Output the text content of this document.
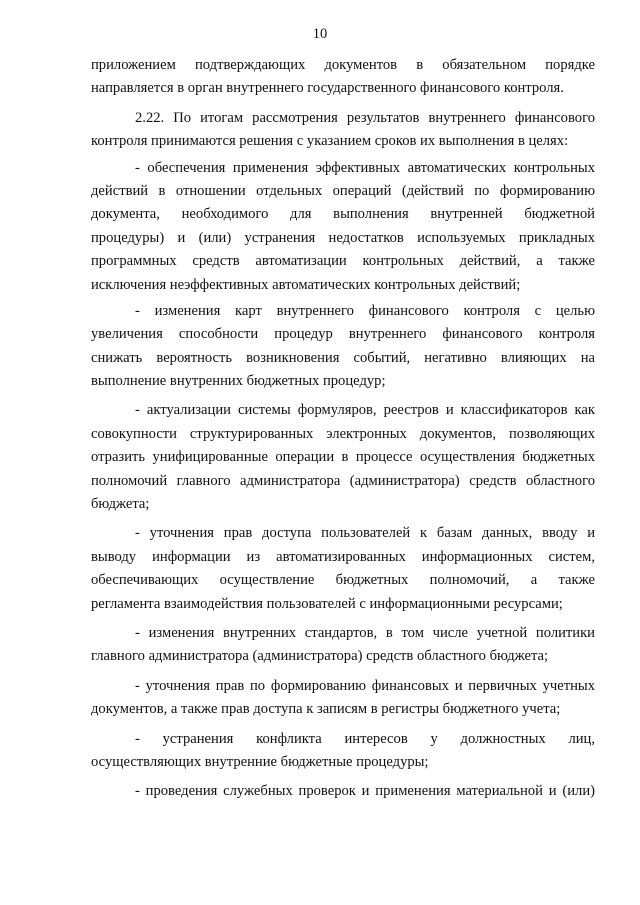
10
приложением подтверждающих документов в обязательном порядке
направляется в орган внутреннего государственного финансового контроля.
2.22. По итогам рассмотрения результатов внутреннего финансового
контроля принимаются решения с указанием сроков их выполнения в целях:
- обеспечения применения эффективных автоматических контрольных
действий в отношении отдельных операций (действий по формированию
документа, необходимого для выполнения внутренней бюджетной
процедуры) и (или) устранения недостатков используемых прикладных
программных средств автоматизации контрольных действий, а также
исключения неэффективных автоматических контрольных действий;
- изменения карт внутреннего финансового контроля с целью
увеличения способности процедур внутреннего финансового контроля
снижать вероятность возникновения событий, негативно влияющих на
выполнение внутренних бюджетных процедур;
- актуализации системы формуляров, реестров и классификаторов как
совокупности структурированных электронных документов, позволяющих
отразить унифицированные операции в процессе осуществления бюджетных
полномочий главного администратора (администратора) средств областного
бюджета;
- уточнения прав доступа пользователей к базам данных, вводу и
выводу информации из автоматизированных информационных систем,
обеспечивающих осуществление бюджетных полномочий, а также
регламента взаимодействия пользователей с информационными ресурсами;
- изменения внутренних стандартов, в том числе учетной политики
главного администратора (администратора) средств областного бюджета;
- уточнения прав по формированию финансовых и первичных учетных
документов, а также прав доступа к записям в регистры бюджетного учета;
- устранения конфликта интересов у должностных лиц,
осуществляющих внутренние бюджетные процедуры;
- проведения служебных проверок и применения материальной и (или)
